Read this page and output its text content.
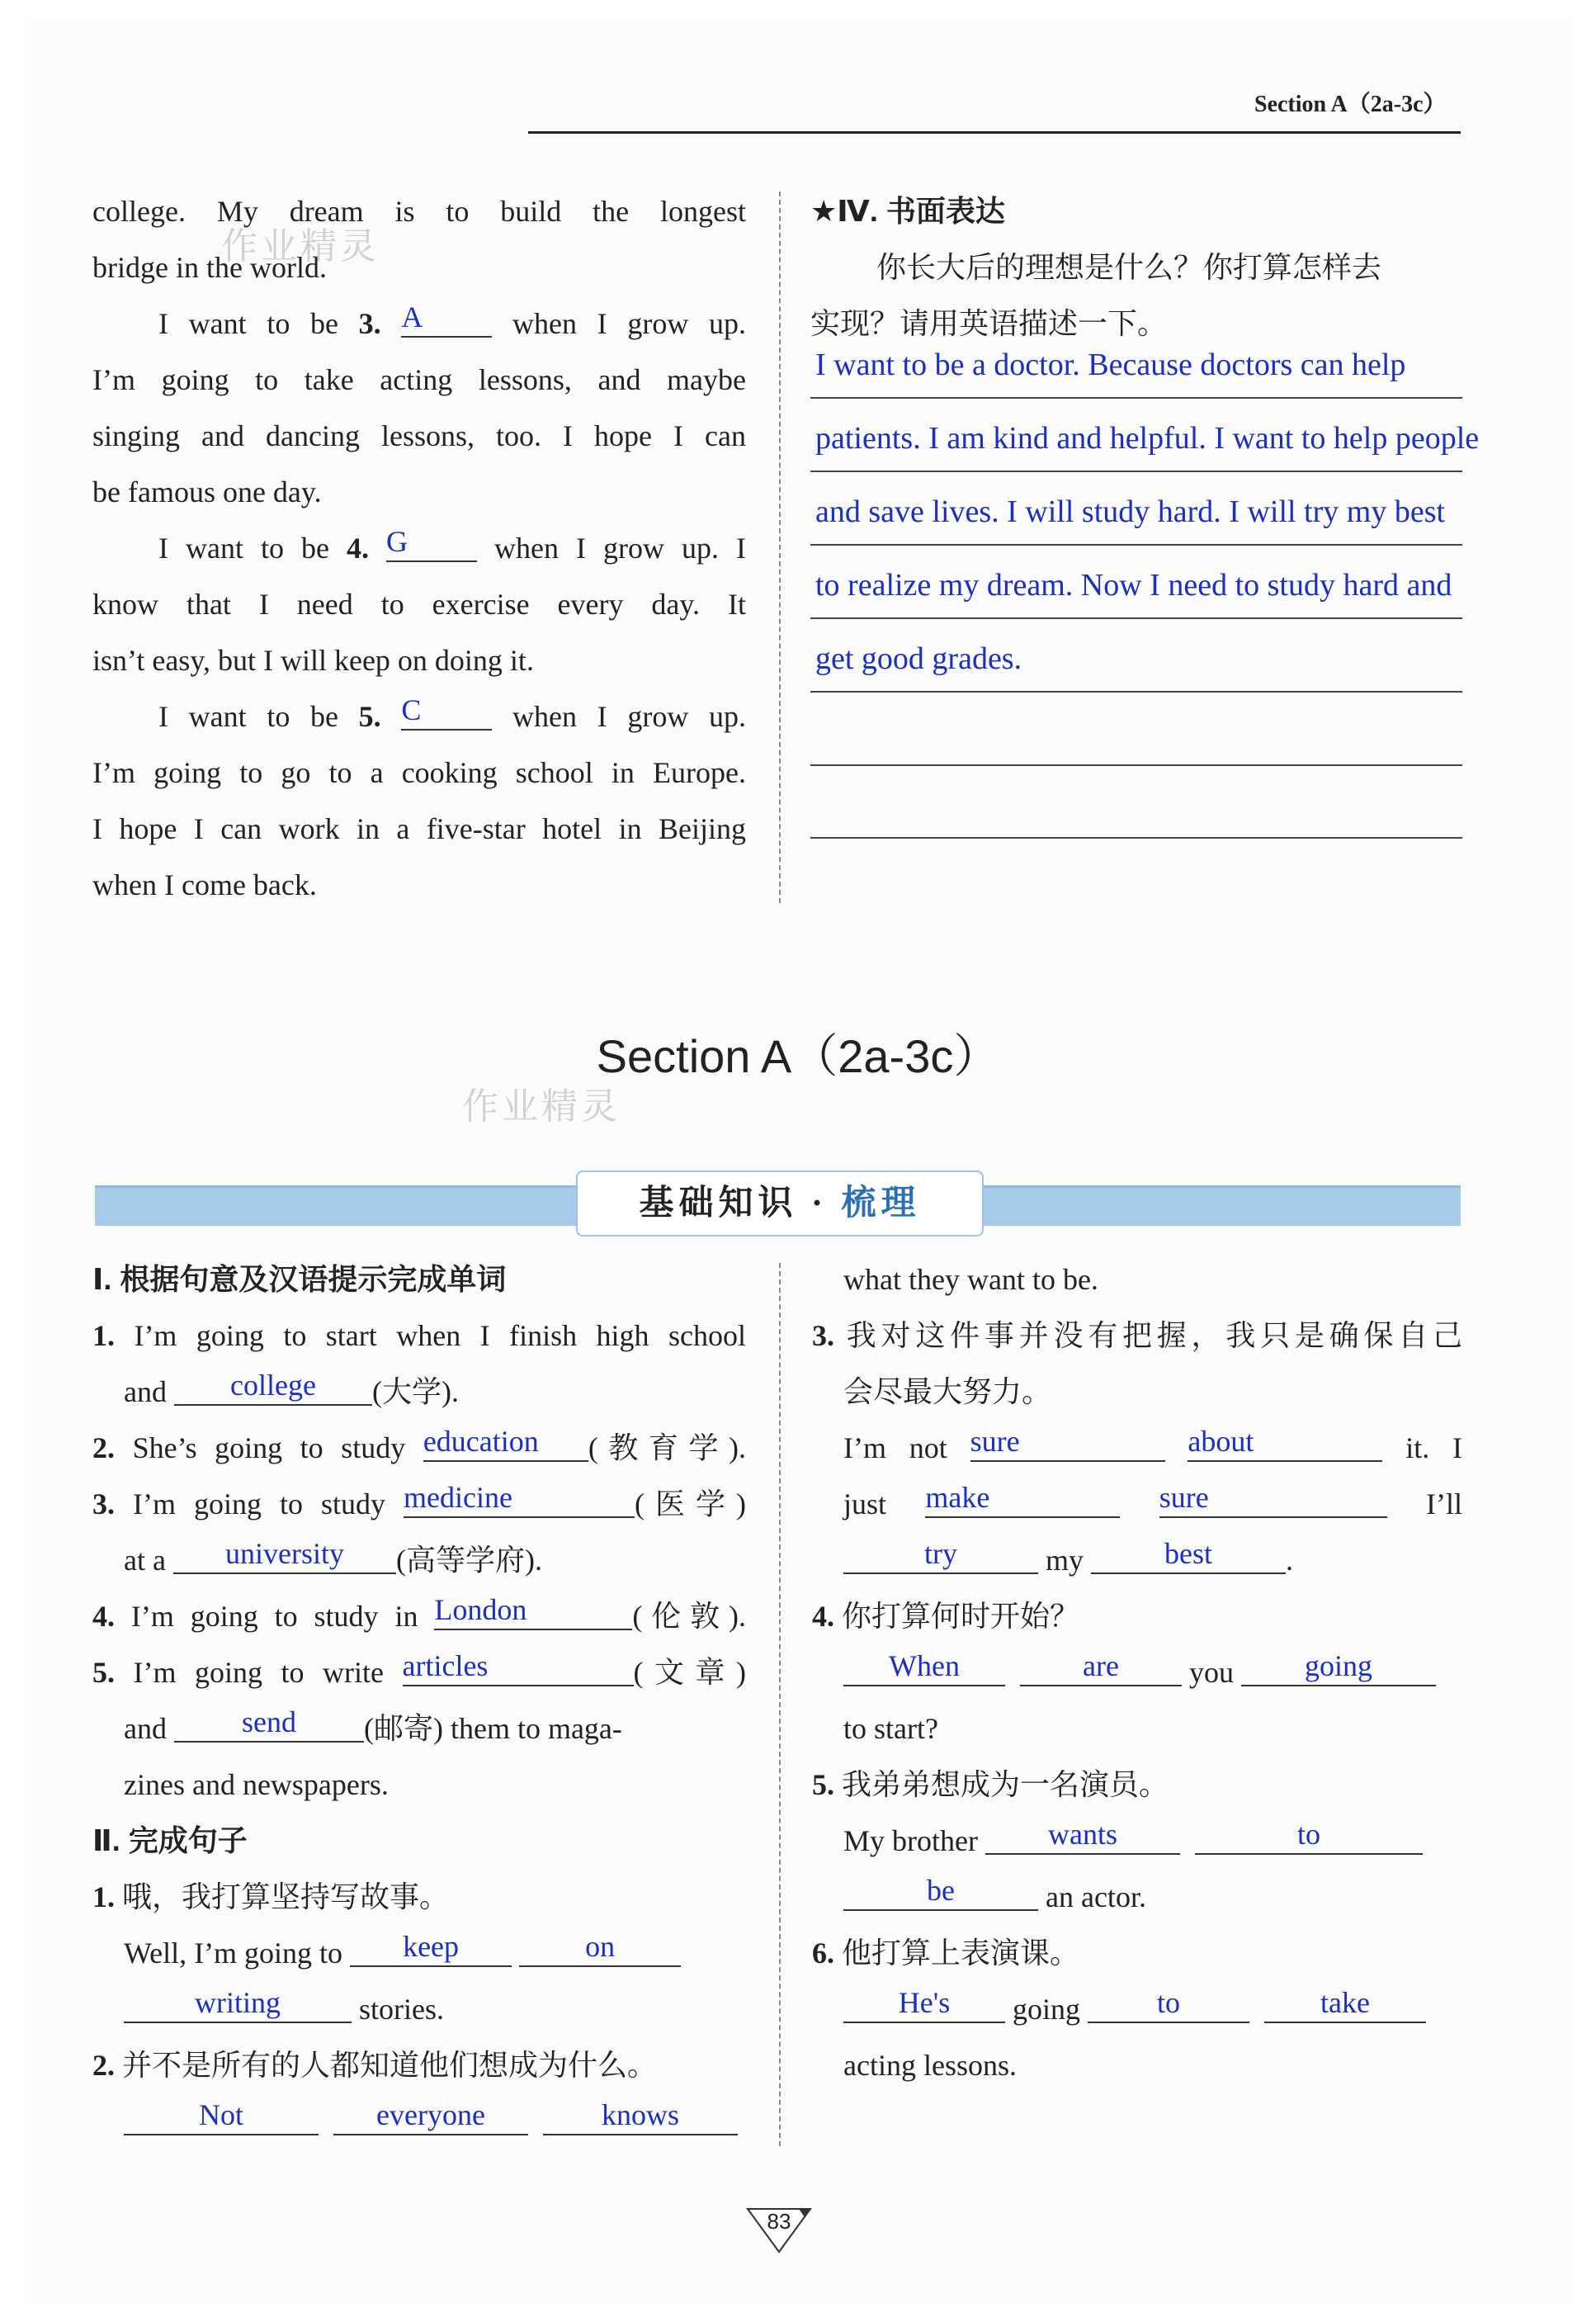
Section A（2a-3c）
college. My dream is to build the longest
bridge in the world.
I want to be 3. A when I grow up.
I’m going to take acting lessons, and maybe
singing and dancing lessons, too. I hope I can
be famous one day.
I want to be 4. G when I grow up. I
know that I need to exercise every day. It
isn’t easy, but I will keep on doing it.
I want to be 5. C when I grow up.
I’m going to go to a cooking school in Europe.
I hope I can work in a five-star hotel in Beijing
when I come back.
作业精灵
★Ⅳ. 书面表达
你长大后的理想是什么？你打算怎样去
实现？请用英语描述一下。
I want to be a doctor. Because doctors can help
patients. I am kind and helpful. I want to help people
and save lives. I will study hard. I will try my best
to realize my dream. Now I need to study hard and
get good grades.
Section A（2a-3c）
作业精灵
基础知识 · 梳理
Ⅰ. 根据句意及汉语提示完成单词
1. I’m going to start when I finish high school
and college (大学).
2. She’s going to study education (教育学).
3. I’m going to study medicine	(医学)
at a university (高等学府).
4. I’m going to study in London	(伦敦).
5. I’m going to write articles	(文章)
and send (邮寄) them to maga-
zines and newspapers.
Ⅱ. 完成句子
1. 哦，我打算坚持写故事。
Well, I’m going to keep	on
writing stories.
2. 并不是所有的人都知道他们想成为什么。
Not	everyone	knows
what they want to be.
3. 我对这件事并没有把握，我只是确保自己
会尽最大努力。
I’m not sure	about	it. I
just make	sure	I’ll
try	my best .
4. 你打算何时开始？
When	are you going
to start?
5. 我弟弟想成为一名演员。
My brother wants	to
be	an actor.
6. 他打算上表演课。
He's going to	take
acting lessons.
83
